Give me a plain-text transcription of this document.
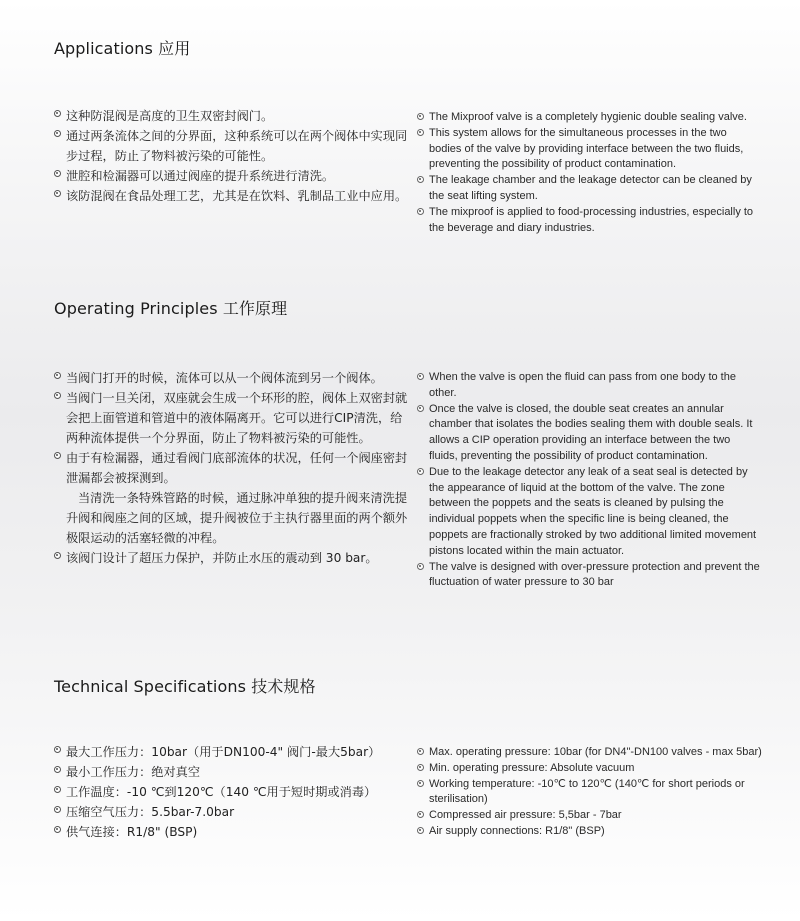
Applications 应用
这种防混阀是高度的卫生双密封阀门。
通过两条流体之间的分界面，这种系统可以在两个阀体中实现同步过程，防止了物料被污染的可能性。
泄腔和检漏器可以通过阀座的提升系统进行清洗。
该防混阀在食品处理工艺，尤其是在饮料、乳制品工业中应用。
The Mixproof valve is a completely hygienic double sealing valve.
This system allows for the simultaneous processes in the two bodies of the valve by providing interface between the two fluids, preventing the possibility of product contamination.
The leakage chamber and the leakage detector can be cleaned by the seat lifting system.
The mixproof is applied to food-processing industries, especially to the beverage and diary industries.
Operating Principles 工作原理
当阀门打开的时候，流体可以从一个阀体流到另一个阀体。
当阀门一旦关闭，双座就会生成一个环形的腔，阀体上双密封就会把上面管道和管道中的液体隔离开。它可以进行CIP清洗，给两种流体提供一个分界面，防止了物料被污染的可能性。
由于有检漏器，通过看阀门底部流体的状况，任何一个阀座密封泄漏都会被探测到。
当清洗一条特殊管路的时候，通过脉冲单独的提升阀来清洗提升阀和阀座之间的区域，提升阀被位于主执行器里面的两个额外极限运动的活塞轻微的冲程。
该阀门设计了超压力保护，并防止水压的震动到 30 bar。
When the valve is open the fluid can pass from one body to the other.
Once the valve is closed, the double seat creates an annular chamber that isolates the bodies sealing them with double seals. It allows a CIP operation providing an interface between the two fluids, preventing the possibility of product contamination.
Due to the leakage detector any leak of a seat seal is detected by the appearance of liquid at the bottom of the valve. The zone between the poppets and the seats is cleaned by pulsing the individual poppets when the specific line is being cleaned, the poppets are fractionally stroked by two additional limited movement pistons located within the main actuator.
The valve is designed with over-pressure protection and prevent the fluctuation of water pressure to 30 bar
Technical Specifications 技术规格
最大工作压力：10bar（用于DN100-4" 阀门-最大5bar）
最小工作压力：绝对真空
工作温度：-10 ℃到120℃（140 ℃用于短时期或消毒）
压缩空气压力：5.5bar-7.0bar
供气连接：R1/8" (BSP)
Max. operating pressure: 10bar (for DN4"-DN100 valves - max 5bar)
Min. operating pressure: Absolute vacuum
Working temperature: -10℃ to 120℃ (140℃ for short periods or sterilisation)
Compressed air pressure: 5,5bar - 7bar
Air supply connections: R1/8" (BSP)
